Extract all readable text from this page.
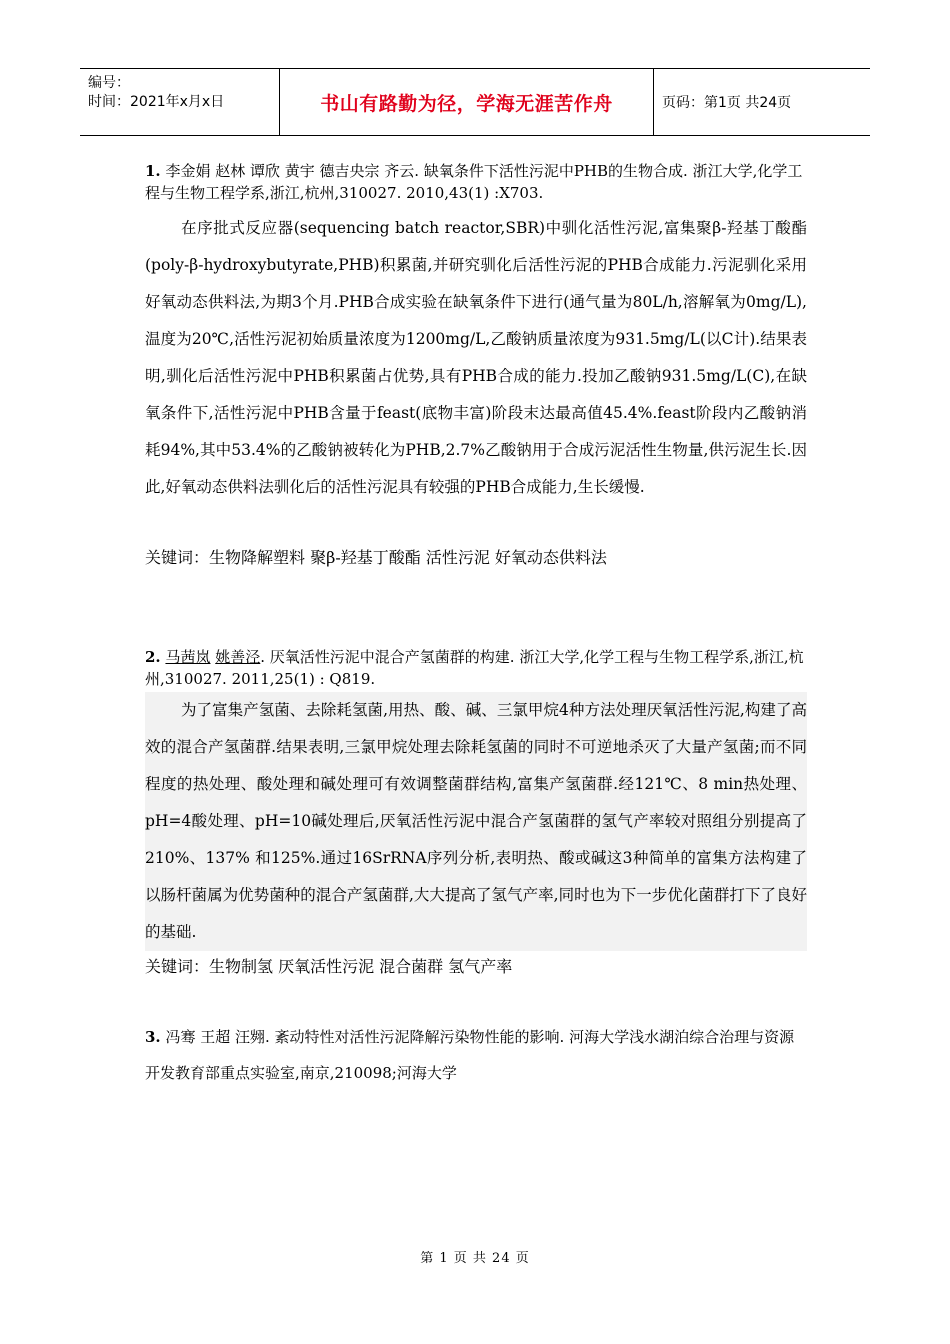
编号：
时间：2021年x月x日	书山有路勤为径，学海无涯苦作舟	页码：第1页 共24页

1. 李金娟 赵林 谭欣 黄宇 德吉央宗 齐云. 缺氧条件下活性污泥中PHB的生物合成. 浙江大学,化学工程与生物工程学系,浙江,杭州,310027. 2010,43(1) :X703.

在序批式反应器(sequencing batch reactor,SBR)中驯化活性污泥,富集聚β-羟基丁酸酯(poly-β-hydroxybutyrate,PHB)积累菌,并研究驯化后活性污泥的PHB合成能力.污泥驯化采用好氧动态供料法,为期3个月.PHB合成实验在缺氧条件下进行(通气量为80L/h,溶解氧为0mg/L),温度为20℃,活性污泥初始质量浓度为1200mg/L,乙酸钠质量浓度为931.5mg/L(以C计).结果表明,驯化后活性污泥中PHB积累菌占优势,具有PHB合成的能力.投加乙酸钠931.5mg/L(C),在缺氧条件下,活性污泥中PHB含量于feast(底物丰富)阶段末达最高值45.4%.feast阶段内乙酸钠消耗94%,其中53.4%的乙酸钠被转化为PHB,2.7%乙酸钠用于合成污泥活性生物量,供污泥生长.因此,好氧动态供料法驯化后的活性污泥具有较强的PHB合成能力,生长缓慢.

关键词：生物降解塑料 聚β-羟基丁酸酯 活性污泥 好氧动态供料法

2. 马茜岚 姚善泾. 厌氧活性污泥中混合产氢菌群的构建. 浙江大学,化学工程与生物工程学系,浙江,杭州,310027. 2011,25(1) : Q819.

为了富集产氢菌、去除耗氢菌,用热、酸、碱、三氯甲烷4种方法处理厌氧活性污泥,构建了高效的混合产氢菌群.结果表明,三氯甲烷处理去除耗氢菌的同时不可逆地杀灭了大量产氢菌;而不同程度的热处理、酸处理和碱处理可有效调整菌群结构,富集产氢菌群.经121℃、8 min热处理、pH=4酸处理、pH=10碱处理后,厌氧活性污泥中混合产氢菌群的氢气产率较对照组分别提高了210%、137% 和125%.通过16SrRNA序列分析,表明热、酸或碱这3种简单的富集方法构建了以肠杆菌属为优势菌种的混合产氢菌群,大大提高了氢气产率,同时也为下一步优化菌群打下了良好的基础.

关键词：生物制氢 厌氧活性污泥 混合菌群 氢气产率

3. 冯骞 王超 汪翙. 紊动特性对活性污泥降解污染物性能的影响. 河海大学浅水湖泊综合治理与资源开发教育部重点实验室,南京,210098;河海大学

第 1 页 共 24 页
